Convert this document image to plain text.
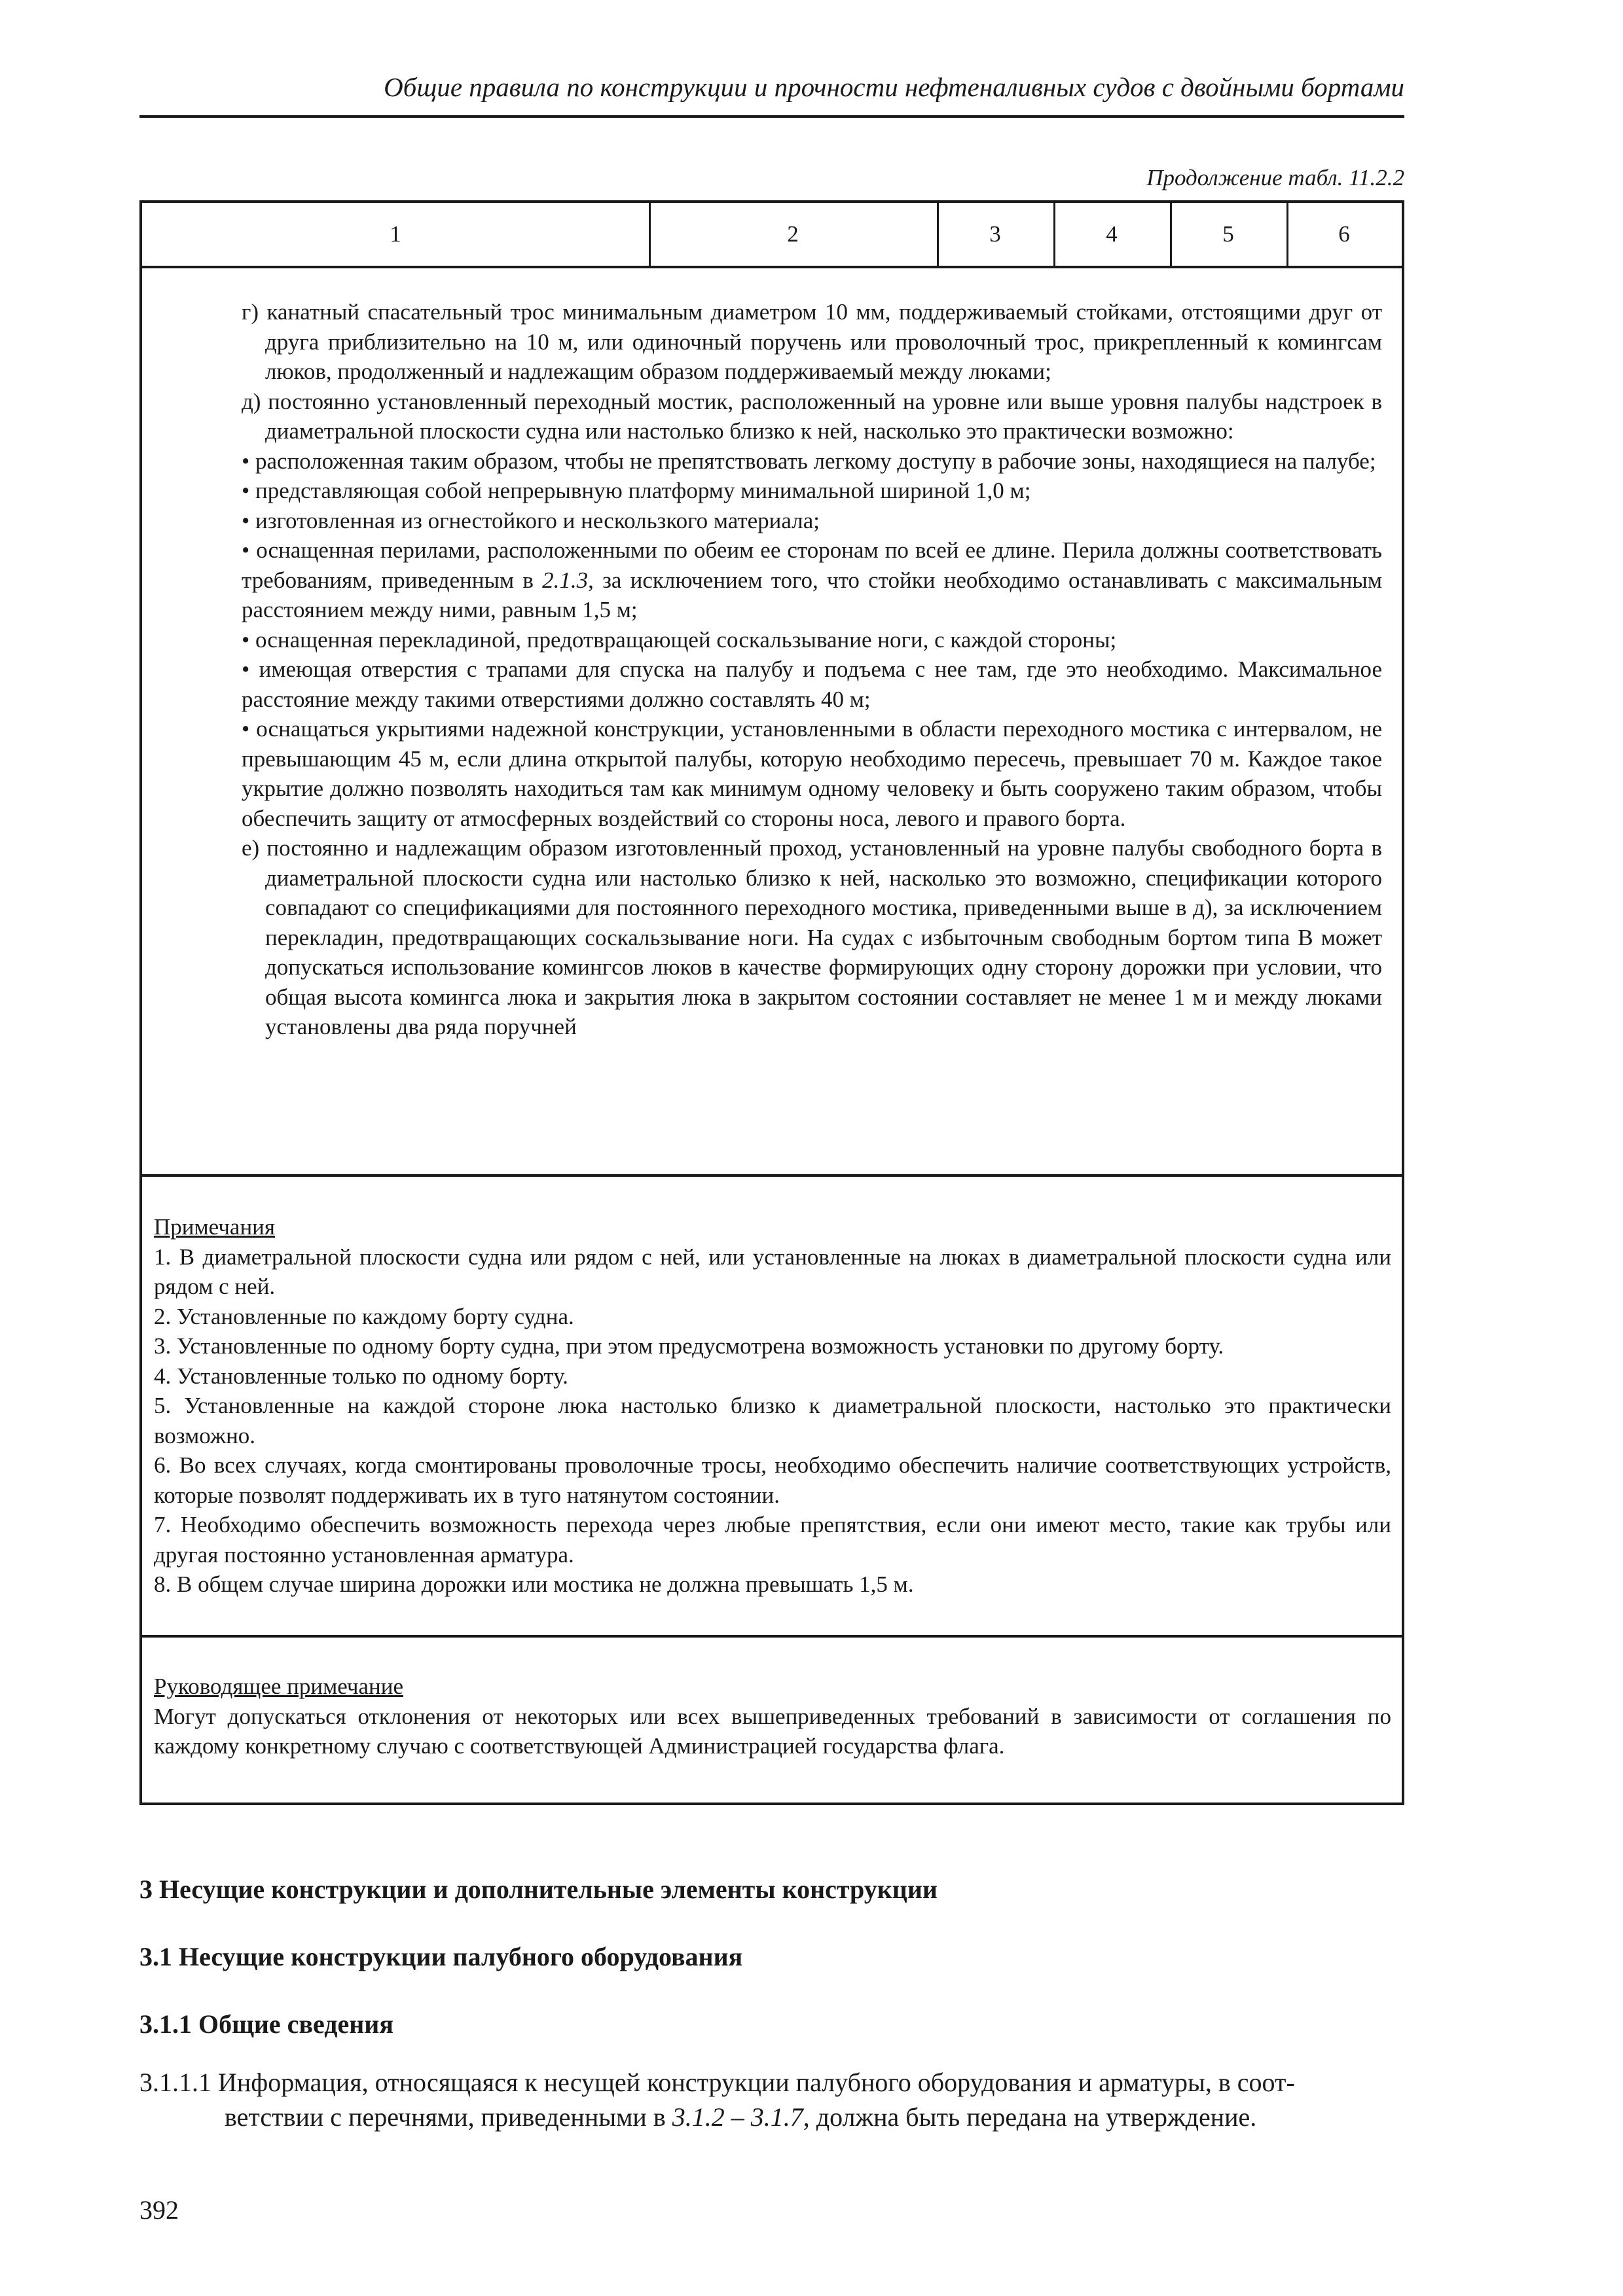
Общие правила по конструкции и прочности нефтеналивных судов с двойными бортами
Продолжение табл. 11.2.2
1	2	3	4	5	6

г) канатный спасательный трос минимальным диаметром 10 мм, поддерживаемый стойками, отстоящими друг от друга приблизительно на 10 м, или одиночный поручень или проволочный трос, прикрепленный к комингсам люков, продолженный и надлежащим образом поддерживаемый между люками;

д) постоянно установленный переходный мостик, расположенный на уровне или выше уровня палубы надстроек в диаметральной плоскости судна или настолько близко к ней, насколько это практически возможно:

• расположенная таким образом, чтобы не препятствовать легкому доступу в рабочие зоны, находящиеся на палубе;

• представляющая собой непрерывную платформу минимальной шириной 1,0 м;

• изготовленная из огнестойкого и нескользкого материала;

• оснащенная перилами, расположенными по обеим ее сторонам по всей ее длине. Перила должны соответствовать требованиям, приведенным в 2.1.3, за исключением того, что стойки необходимо останавливать с максимальным расстоянием между ними, равным 1,5 м;

• оснащенная перекладиной, предотвращающей соскальзывание ноги, с каждой стороны;

• имеющая отверстия с трапами для спуска на палубу и подъема с нее там, где это необходимо. Максимальное расстояние между такими отверстиями должно составлять 40 м;

• оснащаться укрытиями надежной конструкции, установленными в области переходного мостика с интервалом, не превышающим 45 м, если длина открытой палубы, которую необходимо пересечь, превышает 70 м. Каждое такое укрытие должно позволять находиться там как минимум одному человеку и быть сооружено таким образом, чтобы обеспечить защиту от атмосферных воздействий со стороны носа, левого и правого борта.

е) постоянно и надлежащим образом изготовленный проход, установленный на уровне палубы свободного борта в диаметральной плоскости судна или настолько близко к ней, насколько это возможно, спецификации которого совпадают со спецификациями для постоянного переходного мостика, приведенными выше в д), за исключением перекладин, предотвращающих соскальзывание ноги. На судах с избыточным свободным бортом типа B может допускаться использование комингсов люков в качестве формирующих одну сторону дорожки при условии, что общая высота комингса люка и закрытия люка в закрытом состоянии составляет не менее 1 м и между люками установлены два ряда поручней

Примечания

1. В диаметральной плоскости судна или рядом с ней, или установленные на люках в диаметральной плоскости судна или рядом с ней.

2. Установленные по каждому борту судна.

3. Установленные по одному борту судна, при этом предусмотрена возможность установки по другому борту.

4. Установленные только по одному борту.

5. Установленные на каждой стороне люка настолько близко к диаметральной плоскости, настолько это практически возможно.

6. Во всех случаях, когда смонтированы проволочные тросы, необходимо обеспечить наличие соответствующих устройств, которые позволят поддерживать их в туго натянутом состоянии.

7. Необходимо обеспечить возможность перехода через любые препятствия, если они имеют место, такие как трубы или другая постоянно установленная арматура.

8. В общем случае ширина дорожки или мостика не должна превышать 1,5 м.

Руководящее примечание

Могут допускаться отклонения от некоторых или всех вышеприведенных требований в зависимости от соглашения по каждому конкретному случаю с соответствующей Администрацией государства флага.

3 Несущие конструкции и дополнительные элементы конструкции
3.1 Несущие конструкции палубного оборудования
3.1.1 Общие сведения
3.1.1.1 Информация, относящаяся к несущей конструкции палубного оборудования и арматуры, в соот-
ветствии с перечнями, приведенными в 3.1.2 – 3.1.7, должна быть передана на утверждение.
392
